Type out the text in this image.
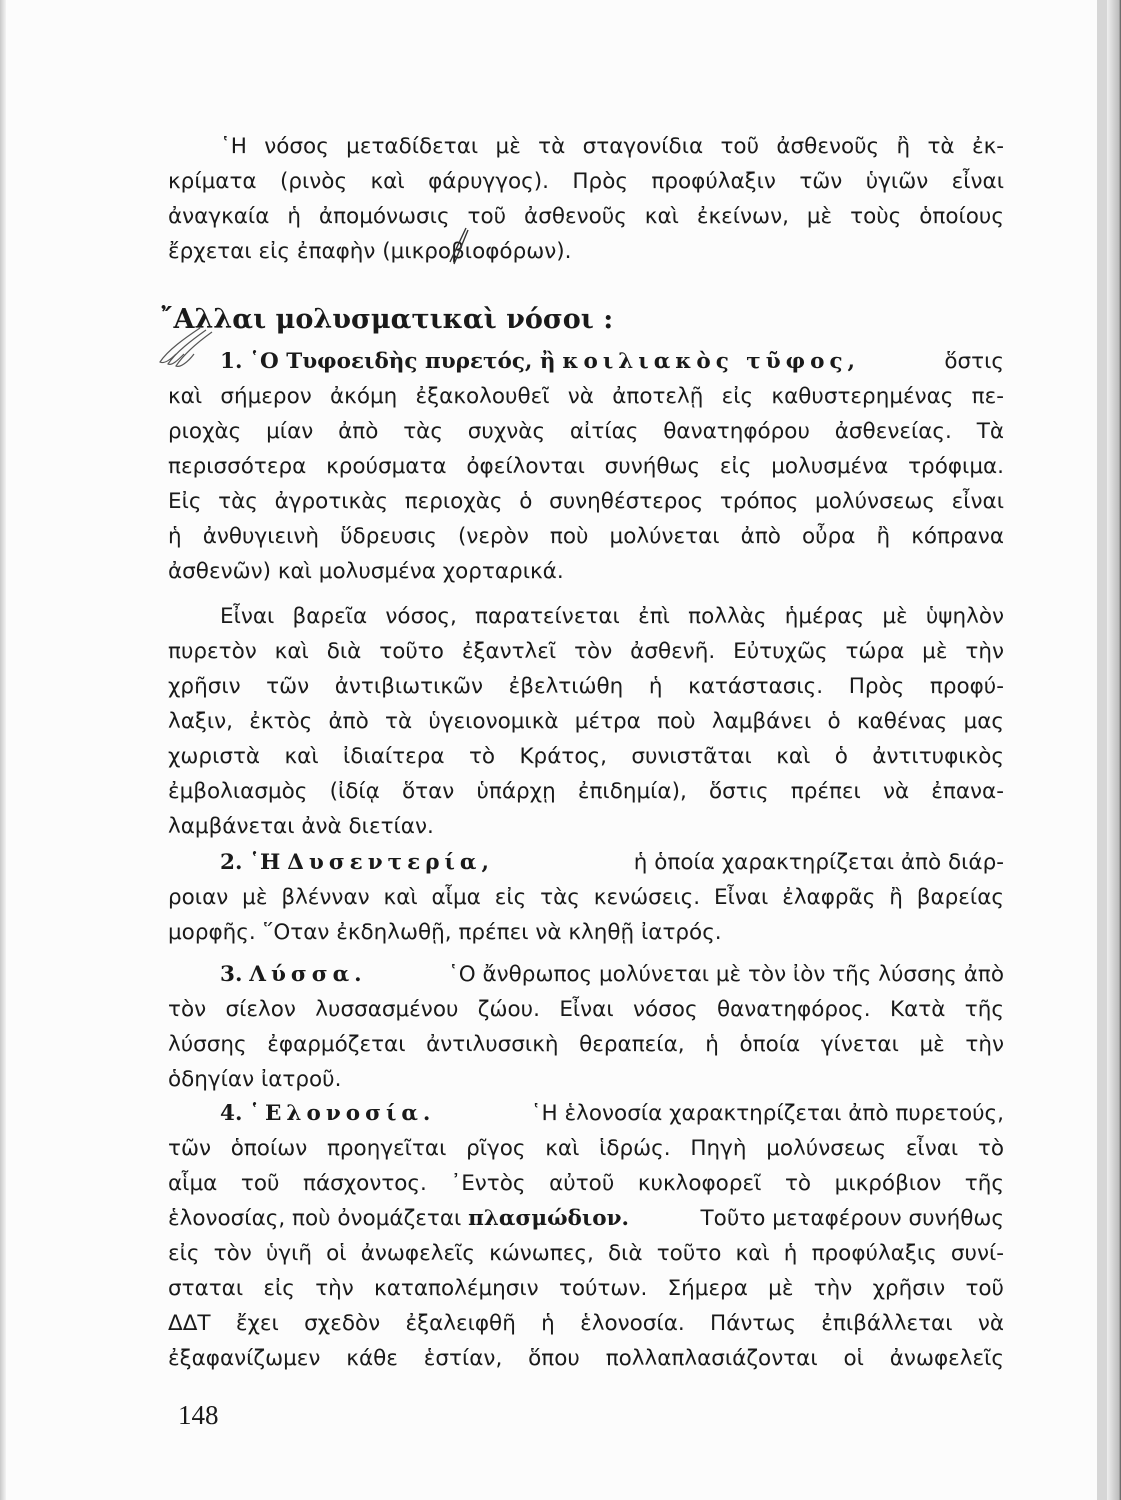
῾Η νόσος μεταδίδεται μὲ τὰ σταγονίδια τοῦ ἀσθενοῦς ἢ τὰ ἐκ-
κρίματα (ρινὸς καὶ φάρυγγος). Πρὸς προφύλαξιν τῶν ὑγιῶν εἶναι
ἀναγκαία ἡ ἀπομόνωσις τοῦ ἀσθενοῦς καὶ ἐκείνων, μὲ τοὺς ὁποίους
ἔρχεται εἰς ἐπαφὴν (μικροβιοφόρων).
῎Αλλαι μολυσματικαὶ νόσοι :
1. ῾Ο Τυφοειδὴς πυρετός, ἢ κοιλιακὸς τῦφος,	ὅστις
καὶ σήμερον ἀκόμη ἐξακολουθεῖ νὰ ἀποτελῇ εἰς καθυστερημένας πε-
ριοχὰς μίαν ἀπὸ τὰς συχνὰς αἰτίας θανατηφόρου ἀσθενείας. Τὰ
περισσότερα κρούσματα ὀφείλονται συνήθως εἰς μολυσμένα τρόφιμα.
Εἰς τὰς ἀγροτικὰς περιοχὰς ὁ συνηθέστερος τρόπος μολύνσεως εἶναι
ἡ ἀνθυγιεινὴ ὕδρευσις (νερὸν ποὺ μολύνεται ἀπὸ οὖρα ἢ κόπρανα
ἀσθενῶν) καὶ μολυσμένα χορταρικά.
Εἶναι βαρεῖα νόσος, παρατείνεται ἐπὶ πολλὰς ἡμέρας μὲ ὑψηλὸν
πυρετὸν καὶ διὰ τοῦτο ἐξαντλεῖ τὸν ἀσθενῆ. Εὐτυχῶς τώρα μὲ τὴν
χρῆσιν τῶν ἀντιβιωτικῶν ἐβελτιώθη ἡ κατάστασις. Πρὸς προφύ-
λαξιν, ἐκτὸς ἀπὸ τὰ ὑγειονομικὰ μέτρα ποὺ λαμβάνει ὁ καθένας μας
χωριστὰ καὶ ἰδιαίτερα τὸ Κράτος, συνιστᾶται καὶ ὁ ἀντιτυφικὸς
ἐμβολιασμὸς (ἰδίᾳ ὅταν ὑπάρχῃ ἐπιδημία), ὅστις πρέπει νὰ ἐπανα-
λαμβάνεται ἀνὰ διετίαν.
2. ῾Η Δυσεντερία,	ἡ ὁποία χαρακτηρίζεται ἀπὸ διάρ-
ροιαν μὲ βλένναν καὶ αἷμα εἰς τὰς κενώσεις. Εἶναι ἐλαφρᾶς ἢ βαρείας
μορφῆς. ῞Οταν ἐκδηλωθῇ, πρέπει νὰ κληθῇ ἰατρός.
3. Λύσσα.	῾Ο ἄνθρωπος μολύνεται μὲ τὸν ἰὸν τῆς λύσσης ἀπὸ
τὸν σίελον λυσσασμένου ζώου. Εἶναι νόσος θανατηφόρος. Κατὰ τῆς
λύσσης ἐφαρμόζεται ἀντιλυσσικὴ θεραπεία, ἡ ὁποία γίνεται μὲ τὴν
ὁδηγίαν ἰατροῦ.
4. ῾Ελονοσία.	῾Η ἑλονοσία χαρακτηρίζεται ἀπὸ πυρετούς,
τῶν ὁποίων προηγεῖται ρῖγος καὶ ἱδρώς. Πηγὴ μολύνσεως εἶναι τὸ
αἷμα τοῦ πάσχοντος. ᾿Εντὸς αὐτοῦ κυκλοφορεῖ τὸ μικρόβιον τῆς
ἑλονοσίας, ποὺ ὀνομάζεται πλασμώδιον.	Τοῦτο μεταφέρουν συνήθως
εἰς τὸν ὑγιῆ οἱ ἀνωφελεῖς κώνωπες, διὰ τοῦτο καὶ ἡ προφύλαξις συνί-
σταται εἰς τὴν καταπολέμησιν τούτων. Σήμερα μὲ τὴν χρῆσιν τοῦ
ΔΔΤ ἔχει σχεδὸν ἐξαλειφθῆ ἡ ἑλονοσία. Πάντως ἐπιβάλλεται νὰ
ἐξαφανίζωμεν κάθε ἑστίαν, ὅπου πολλαπλασιάζονται οἱ ἀνωφελεῖς
148
